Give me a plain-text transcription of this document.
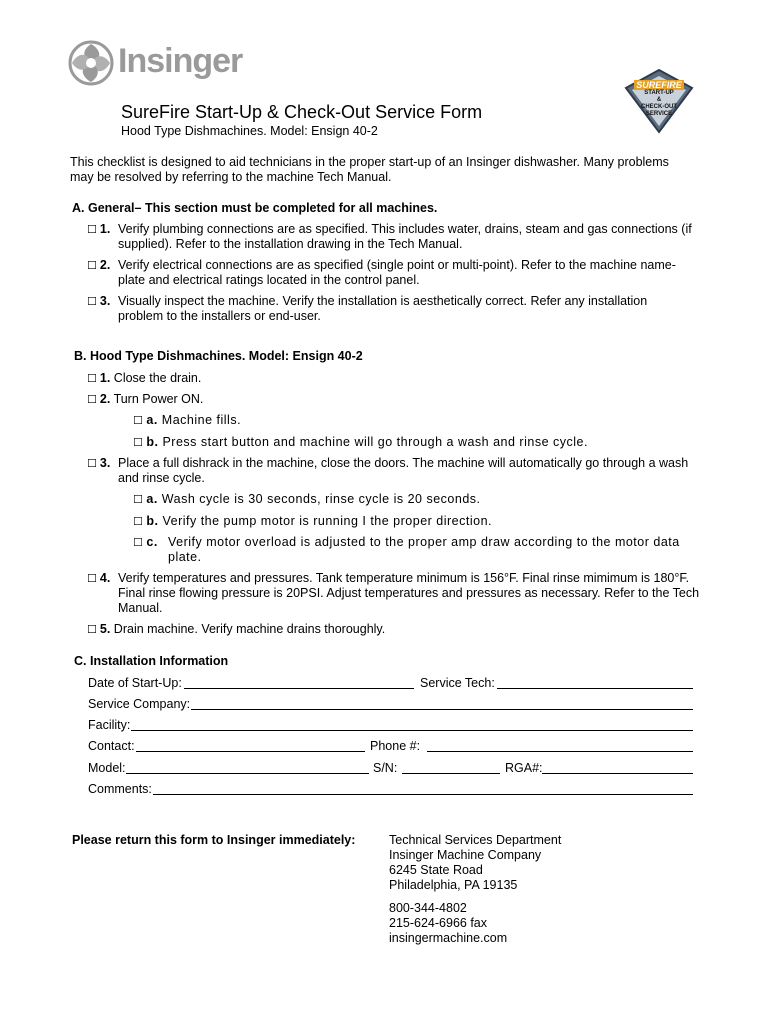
Insinger
SUREFIRE
START-UP
&
CHECK-OUT
SERVICE
SureFire Start-Up & Check-Out Service Form
Hood Type Dishmachines. Model: Ensign 40-2
This checklist is designed to aid technicians in the proper start-up of an Insinger dishwasher. Many problems may be resolved by referring to the machine Tech Manual.
A. General– This section must be completed for all machines.
☐ 1. Verify plumbing connections are as specified. This includes water, drains, steam and gas connections (if supplied). Refer to the installation drawing in the Tech Manual.
☐ 2. Verify electrical connections are as specified (single point or multi-point). Refer to the machine name-plate and electrical ratings located in the control panel.
☐ 3. Visually inspect the machine. Verify the installation is aesthetically correct. Refer any installation problem to the installers or end-user.
B. Hood Type Dishmachines. Model: Ensign 40-2
☐ 1. Close the drain.
☐ 2. Turn Power ON.
☐ a. Machine fills.
☐ b. Press start button and machine will go through a wash and rinse cycle.
☐ 3. Place a full dishrack in the machine, close the doors. The machine will automatically go through a wash and rinse cycle.
☐ a. Wash cycle is 30 seconds, rinse cycle is 20 seconds.
☐ b. Verify the pump motor is running I the proper direction.
☐ c. Verify motor overload is adjusted to the proper amp draw according to the motor data plate.
☐ 4. Verify temperatures and pressures. Tank temperature minimum is 156°F. Final rinse mimimum is 180°F. Final rinse flowing pressure is 20PSI. Adjust temperatures and pressures as necessary. Refer to the Tech Manual.
☐ 5. Drain machine. Verify machine drains thoroughly.
C. Installation Information
Date of Start-Up:	Service Tech:
Service Company:
Facility:
Contact:	Phone #:
Model:	S/N:	RGA#:
Comments:
Please return this form to Insinger immediately:	Technical Services Department
Insinger Machine Company
6245 State Road
Philadelphia, PA 19135
800-344-4802
215-624-6966 fax
insingermachine.com
